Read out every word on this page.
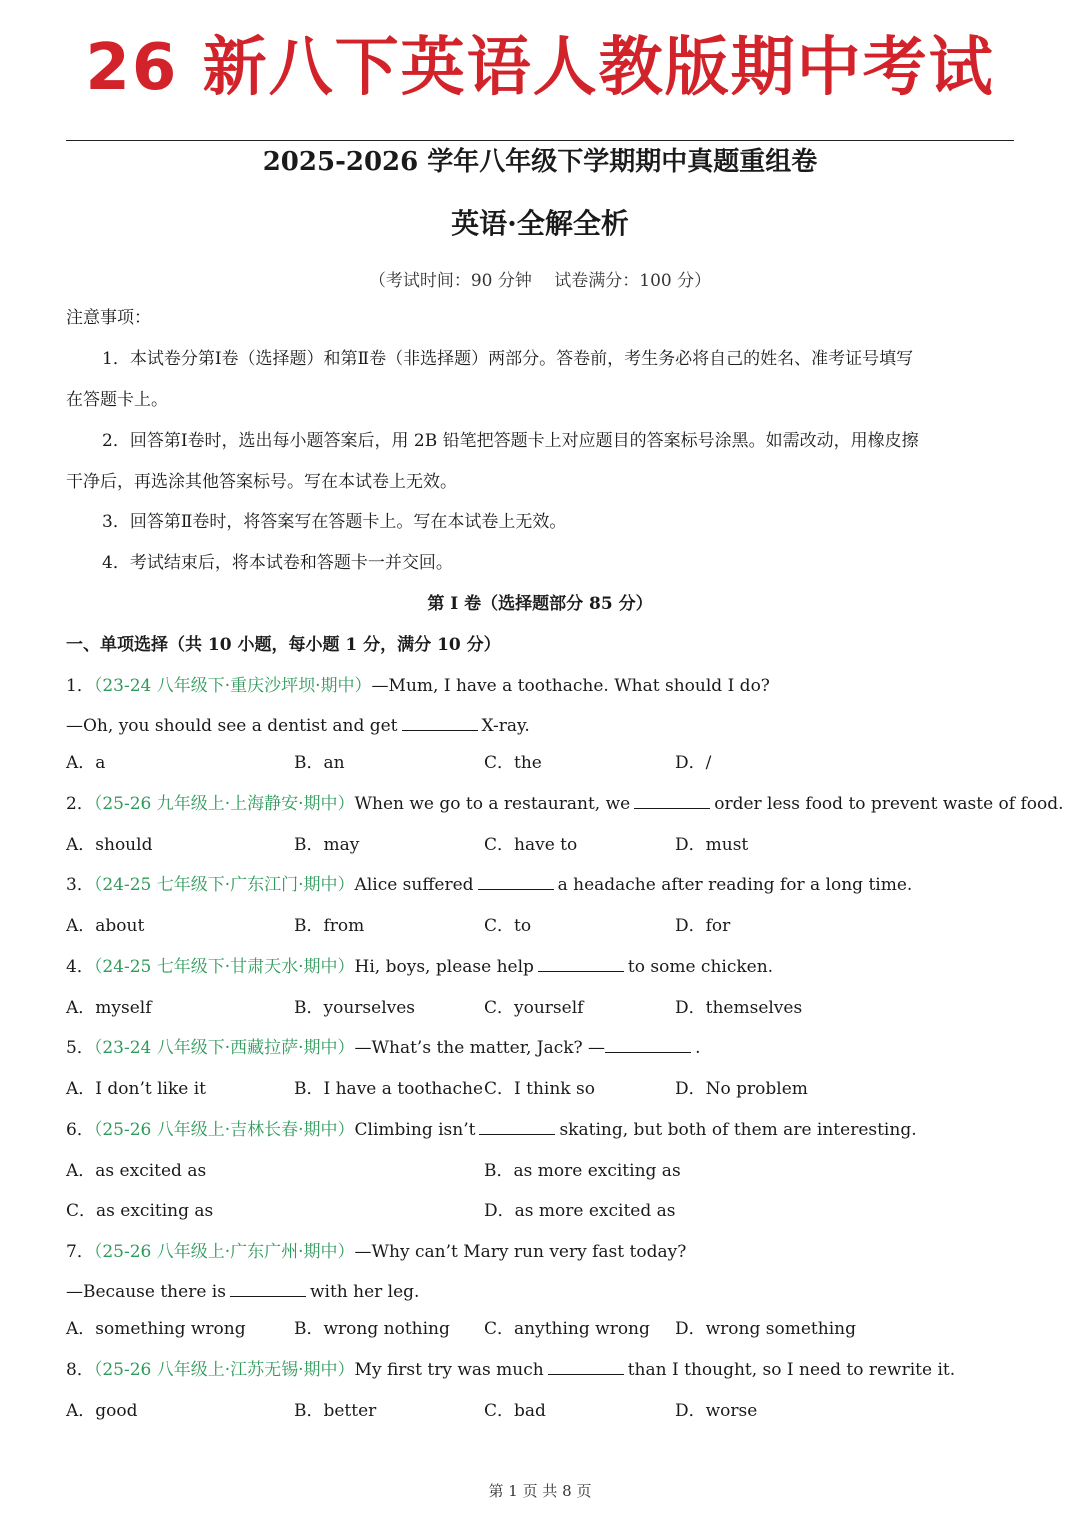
26 新八下英语人教版期中考试
2025-2026 学年八年级下学期期中真题重组卷
英语·全解全析
（考试时间：90 分钟　 试卷满分：100 分）
注意事项：
1．本试卷分第Ⅰ卷（选择题）和第Ⅱ卷（非选择题）两部分。答卷前，考生务必将自己的姓名、准考证号填写
在答题卡上。
2．回答第Ⅰ卷时，选出每小题答案后，用 2B 铅笔把答题卡上对应题目的答案标号涂黑。如需改动，用橡皮擦
干净后，再选涂其他答案标号。写在本试卷上无效。
3．回答第Ⅱ卷时，将答案写在答题卡上。写在本试卷上无效。
4．考试结束后，将本试卷和答题卡一并交回。
第 I 卷（选择题部分 85 分）
一、单项选择（共 10 小题，每小题 1 分，满分 10 分）
1．（23-24 八年级下·重庆沙坪坝·期中）—Mum, I have a toothache. What should I do?
—Oh, you should see a dentist and get	X-ray.
A．a	B．an	C．the	D．/
2．（25-26 九年级上·上海静安·期中）When we go to a restaurant, we	order less food to prevent waste of food.
A．should	B．may	C．have to	D．must
3．（24-25 七年级下·广东江门·期中）Alice suffered	a headache after reading for a long time.
A．about	B．from	C．to	D．for
4．（24-25 七年级下·甘肃天水·期中）Hi, boys, please help	to some chicken.
A．myself	B．yourselves	C．yourself	D．themselves
5．（23-24 八年级下·西藏拉萨·期中）—What’s the matter, Jack? —	.
A．I don’t like it	B．I have a toothache C．I think so	D．No problem
6．（25-26 八年级上·吉林长春·期中）Climbing isn’t	skating, but both of them are interesting.
A．as excited as	B．as more exciting as
C．as exciting as	D．as more excited as
7．（25-26 八年级上·广东广州·期中）—Why can’t Mary run very fast today?
—Because there is	with her leg.
A．something wrong	B．wrong nothing C．anything wrong D．wrong something
8．（25-26 八年级上·江苏无锡·期中）My first try was much	than I thought, so I need to rewrite it.
A．good	B．better	C．bad	D．worse
第 1 页 共 8 页
